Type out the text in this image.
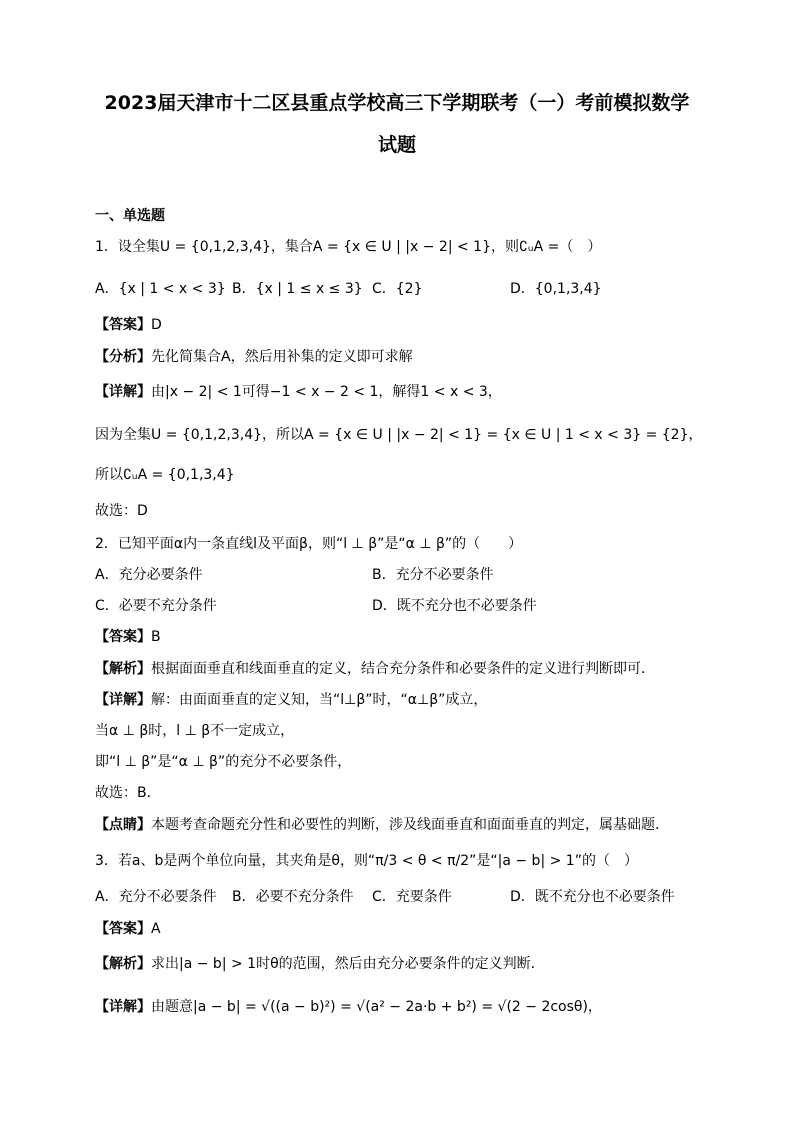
2023届天津市十二区县重点学校高三下学期联考（一）考前模拟数学
试题
一、单选题
1．设全集U = {0,1,2,3,4}，集合A = {x ∈ U | |x − 2| < 1}，则∁ᵤA =（　）
A．{x | 1 < x < 3} B．{x | 1 ≤ x ≤ 3} C．{2}	D．{0,1,3,4}
【答案】D
【分析】先化简集合A，然后用补集的定义即可求解
【详解】由|x − 2| < 1可得−1 < x − 2 < 1，解得1 < x < 3，
因为全集U = {0,1,2,3,4}，所以A = {x ∈ U | |x − 2| < 1} = {x ∈ U | 1 < x < 3} = {2}，
所以∁ᵤA = {0,1,3,4}
故选：D
2．已知平面α内一条直线l及平面β，则“l ⊥ β”是“α ⊥ β”的（　　）
A．充分必要条件	B．充分不必要条件
C．必要不充分条件	D．既不充分也不必要条件
【答案】B
【解析】根据面面垂直和线面垂直的定义，结合充分条件和必要条件的定义进行判断即可．
【详解】解：由面面垂直的定义知，当“l⊥β”时，“α⊥β”成立，
当α ⊥ β时，l ⊥ β不一定成立，
即“l ⊥ β”是“α ⊥ β”的充分不必要条件，
故选：B．
【点睛】本题考查命题充分性和必要性的判断，涉及线面垂直和面面垂直的判定，属基础题．
3．若a、b是两个单位向量，其夹角是θ，则“π/3 < θ < π/2”是“|a − b| > 1”的（　）
A．充分不必要条件 B．必要不充分条件 C．充要条件	D．既不充分也不必要条件
【答案】A
【解析】求出|a − b| > 1时θ的范围，然后由充分必要条件的定义判断．
【详解】由题意|a − b| = √((a − b)²) = √(a² − 2a·b + b²) = √(2 − 2cosθ)，
